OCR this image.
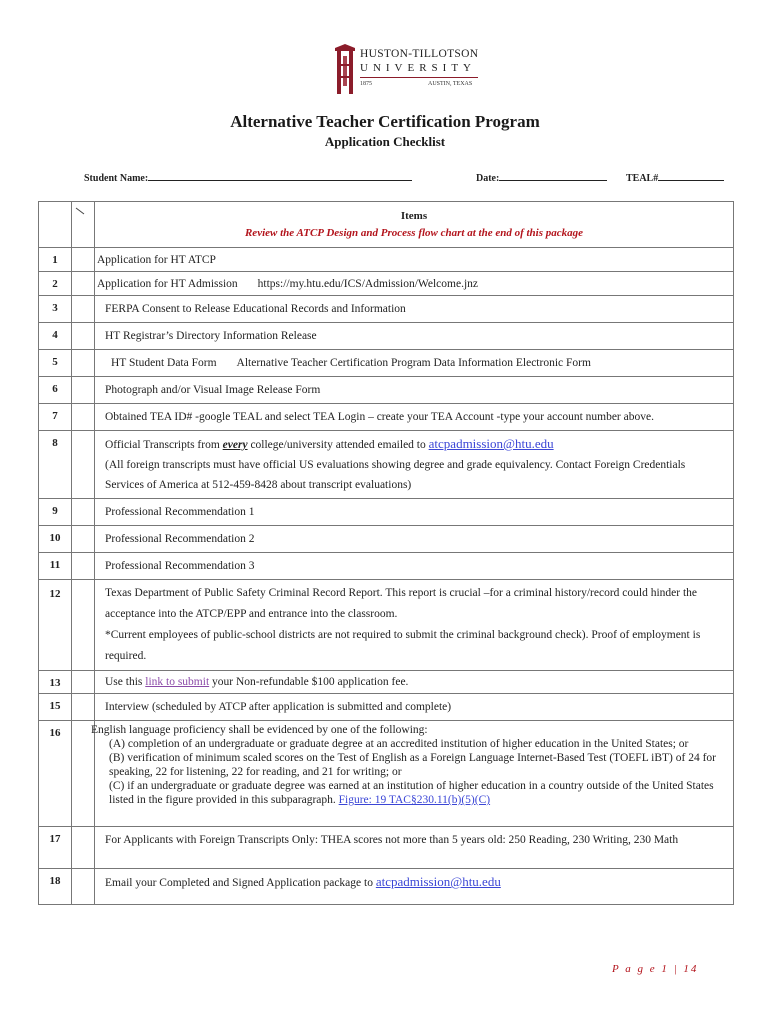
HUSTON-TILLOTSON
UNIVERSITY
1875	AUSTIN, TEXAS
Alternative Teacher Certification Program
Application Checklist
Student Name:	Date:	TEAL#

Items
Review the ATCP Design and Process flow chart at the end of this package

1		Application for HT ATCP
2		Application for HT Admission https://my.htu.edu/ICS/Admission/Welcome.jnz
3		FERPA Consent to Release Educational Records and Information
4		HT Registrar’s Directory Information Release
5		HT Student Data Form Alternative Teacher Certification Program Data Information Electronic Form
6		Photograph and/or Visual Image Release Form
7		Obtained TEA ID# -google TEAL and select TEA Login – create your TEA Account -type your account number above.
8		Official Transcripts from every college/university attended emailed to atcpadmission@htu.edu
(All foreign transcripts must have official US evaluations showing degree and grade equivalency. Contact Foreign Credentials Services of America at 512-459-8428 about transcript evaluations)

9		Professional Recommendation 1
10		Professional Recommendation 2
11		Professional Recommendation 3
12		Texas Department of Public Safety Criminal Record Report. This report is crucial –for a criminal history/record could hinder the acceptance into the ATCP/EPP and entrance into the classroom.
*Current employees of public-school districts are not required to submit the criminal background check). Proof of employment is required.

13		Use this link to submit your Non-refundable $100 application fee.
15		Interview (scheduled by ATCP after application is submitted and complete)
16		English language proficiency shall be evidenced by one of the following:
(A) completion of an undergraduate or graduate degree at an accredited institution of higher education in the United States; or
(B) verification of minimum scaled scores on the Test of English as a Foreign Language Internet-Based Test (TOEFL iBT) of 24 for speaking, 22 for listening, 22 for reading, and 21 for writing; or
(C) if an undergraduate or graduate degree was earned at an institution of higher education in a country outside of the United States listed in the figure provided in this subparagraph. Figure: 19 TAC§230.11(b)(5)(C)

17		For Applicants with Foreign Transcripts Only: THEA scores not more than 5 years old: 250 Reading, 230 Writing, 230 Math
18		Email your Completed and Signed Application package to atcpadmission@htu.edu
P a g e 1 | 14
